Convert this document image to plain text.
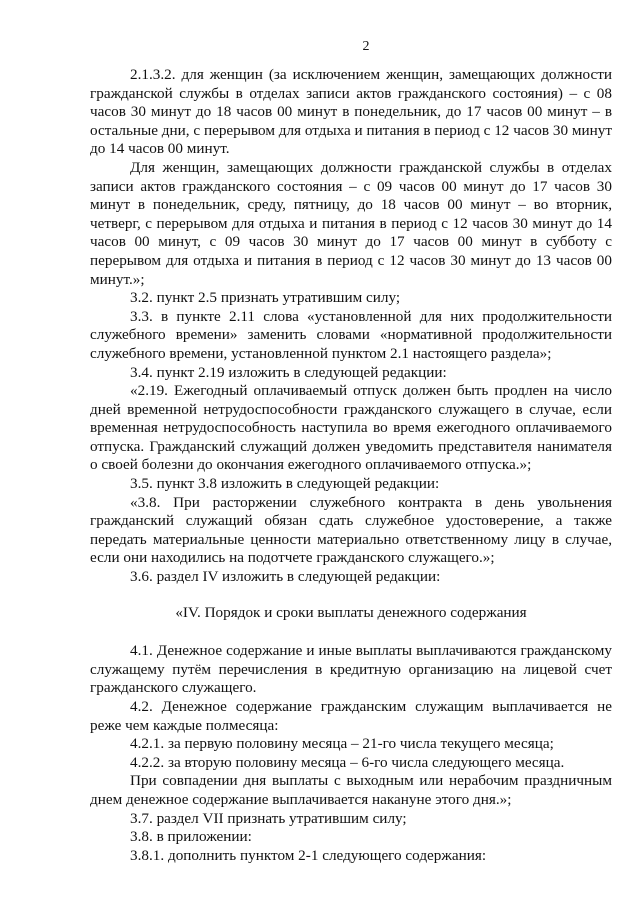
2

2.1.3.2. для женщин (за исключением женщин, замещающих должности гражданской службы в отделах записи актов гражданского состояния) – с 08 часов 30 минут до 18 часов 00 минут в понедельник, до 17 часов 00 минут – в остальные дни, с перерывом для отдыха и питания в период с 12 часов 30 минут до 14 часов 00 минут.

Для женщин, замещающих должности гражданской службы в отделах записи актов гражданского состояния – с 09 часов 00 минут до 17 часов 30 минут в понедельник, среду, пятницу, до 18 часов 00 минут – во вторник, четверг, с перерывом для отдыха и питания в период с 12 часов 30 минут до 14 часов 00 минут, с 09 часов 30 минут до 17 часов 00 минут в субботу с перерывом для отдыха и питания в период с 12 часов 30 минут до 13 часов 00 минут.»;

3.2. пункт 2.5 признать утратившим силу;

3.3. в пункте 2.11 слова «установленной для них продолжительности служебного времени» заменить словами «нормативной продолжительности служебного времени, установленной пунктом 2.1 настоящего раздела»;

3.4. пункт 2.19 изложить в следующей редакции:

«2.19. Ежегодный оплачиваемый отпуск должен быть продлен на число дней временной нетрудоспособности гражданского служащего в случае, если временная нетрудоспособность наступила во время ежегодного оплачиваемого отпуска. Гражданский служащий должен уведомить представителя нанимателя о своей болезни до окончания ежегодного оплачиваемого отпуска.»;

3.5. пункт 3.8 изложить в следующей редакции:

«3.8. При расторжении служебного контракта в день увольнения гражданский служащий обязан сдать служебное удостоверение, а также передать материальные ценности материально ответственному лицу в случае, если они находились на подотчете гражданского служащего.»;

3.6. раздел IV изложить в следующей редакции:

«IV. Порядок и сроки выплаты денежного содержания

4.1. Денежное содержание и иные выплаты выплачиваются гражданскому служащему путём перечисления в кредитную организацию на лицевой счет гражданского служащего.

4.2. Денежное содержание гражданским служащим выплачивается не реже чем каждые полмесяца:

4.2.1. за первую половину месяца – 21-го числа текущего месяца;

4.2.2. за вторую половину месяца – 6-го числа следующего месяца.

При совпадении дня выплаты с выходным или нерабочим праздничным днем денежное содержание выплачивается накануне этого дня.»;

3.7. раздел VII признать утратившим силу;

3.8. в приложении:

3.8.1. дополнить пунктом 2-1 следующего содержания:
